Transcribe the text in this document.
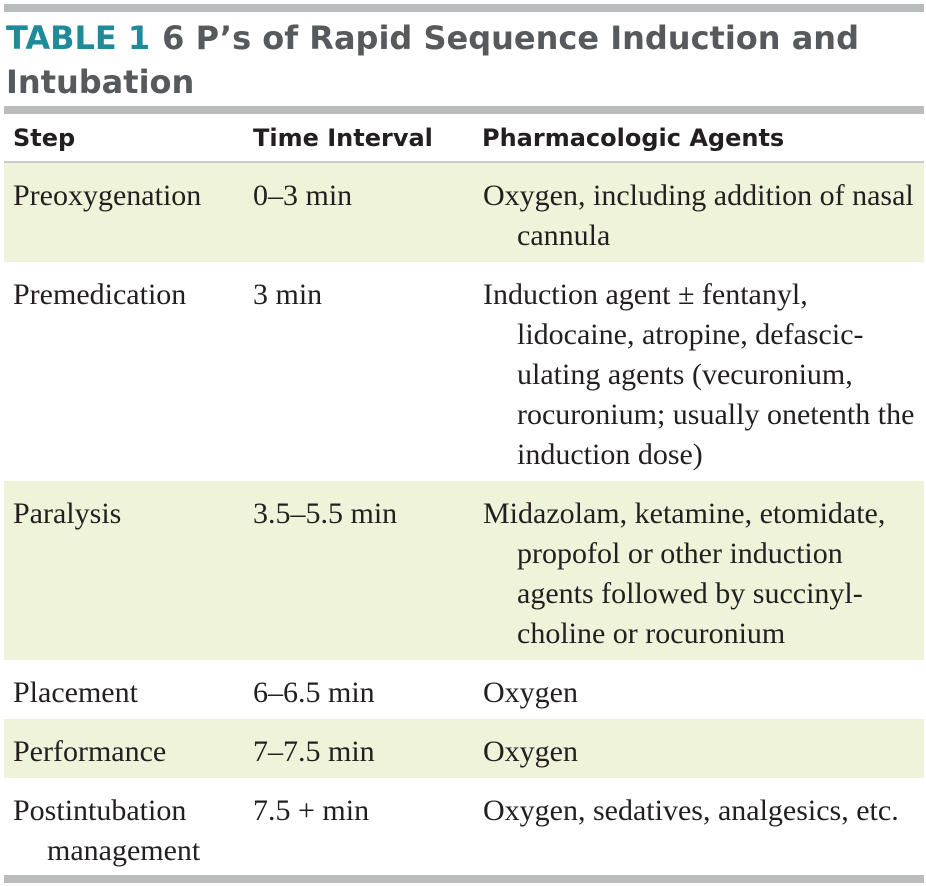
TABLE 1 6 P’s of Rapid Sequence Induction and Intubation
Step	Time Interval	Pharmacologic Agents

Preoxygenation	0–3 min	Oxygen, including addition of nasal cannula

Premedication	3 min	Induction agent ± fentanyl, lidocaine, atropine, defasciculating agents (vecuronium, rocuronium; usually onetenth the induction dose)

Paralysis	3.5–5.5 min	Midazolam, ketamine, etomidate, propofol or other induction agents followed by succinylcholine or rocuronium

Placement	6–6.5 min	Oxygen

Performance	7–7.5 min	Oxygen

Postintubation management	7.5 + min	Oxygen, sedatives, analgesics, etc.
